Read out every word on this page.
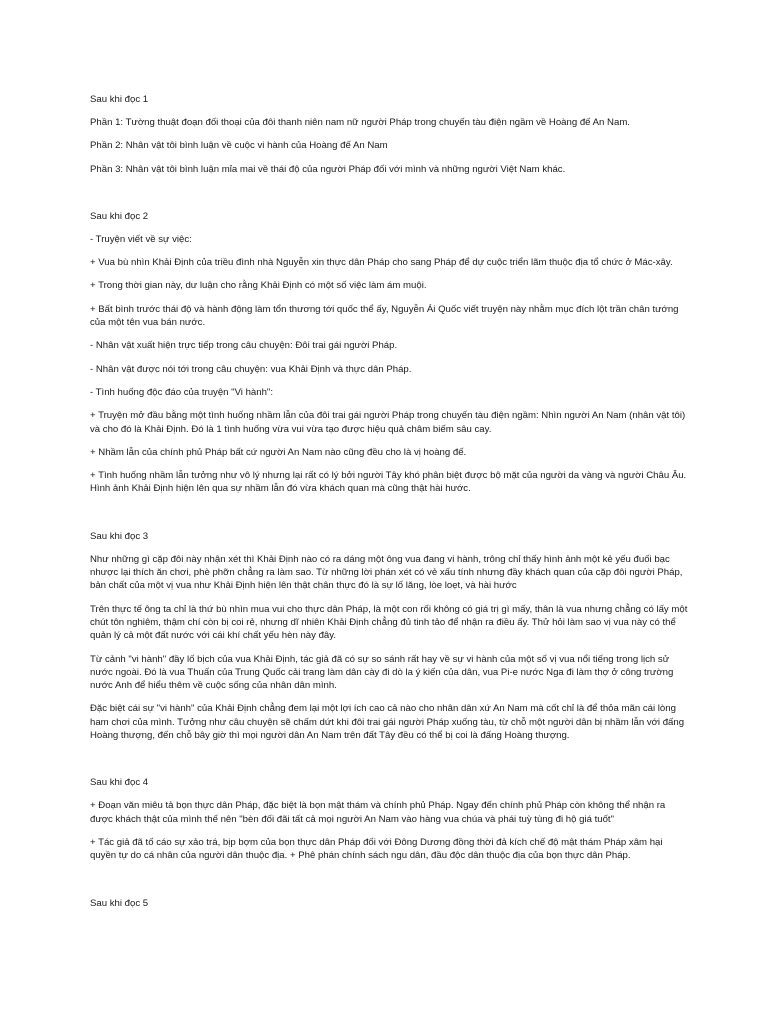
Sau khi đọc 1

Phần 1: Tường thuật đoạn đối thoại của đôi thanh niên nam nữ người Pháp trong chuyến tàu điện ngầm về Hoàng đế An Nam.

Phần 2: Nhân vật tôi bình luận về cuộc vi hành của Hoàng đế An Nam

Phần 3: Nhân vật tôi bình luận mỉa mai về thái độ của người Pháp đối với mình và những người Việt Nam khác.

Sau khi đọc 2

- Truyện viết về sự việc:

+ Vua bù nhìn Khải Định của triều đình nhà Nguyễn xin thực dân Pháp cho sang Pháp để dự cuộc triển lãm thuộc địa tổ chức ở Mác-xây.

+ Trong thời gian này, dư luận cho rằng Khải Định có một số việc làm ám muội.

+ Bất bình trước thái độ và hành động làm tổn thương tới quốc thể ấy, Nguyễn Ái Quốc viết truyện này nhằm mục đích lột trần chân tướng của một tên vua bán nước.

- Nhân vật xuất hiện trực tiếp trong câu chuyện: Đôi trai gái người Pháp.

- Nhân vật được nói tới trong câu chuyện: vua Khải Định và thực dân Pháp.

- Tình huống độc đáo của truyện "Vi hành":

+ Truyện mở đầu bằng một tình huống nhầm lẫn của đôi trai gái người Pháp trong chuyến tàu điện ngầm: Nhìn người An Nam (nhân vật tôi) và cho đó là Khải Định. Đó là 1 tình huống vừa vui vừa tạo được hiệu quả châm biếm sâu cay.

+ Nhầm lẫn của chính phủ Pháp bất cứ người An Nam nào cũng đều cho là vị hoàng đế.

+ Tình huống nhầm lẫn tưởng như vô lý nhưng lại rất có lý bởi người Tây khó phân biệt được bộ mặt của người da vàng và người Châu Âu. Hình ảnh Khải Định hiện lên qua sự nhầm lẫn đó vừa khách quan mà cũng thật hài hước.

Sau khi đọc 3

Như những gì cặp đôi này nhận xét thì Khải Định nào có ra dáng một ông vua đang vi hành, trông chỉ thấy hình ảnh một kẻ yếu đuối bạc nhược lại thích ăn chơi, phè phỡn chẳng ra làm sao. Từ những lời phán xét có vẻ xấu tính nhưng đầy khách quan của cặp đôi người Pháp, bản chất của một vị vua như Khải Định hiện lên thật chân thực đó là sự lố lăng, lòe loẹt, và hài hước

Trên thực tế ông ta chỉ là thứ bù nhìn mua vui cho thực dân Pháp, là một con rối không có giá trị gì mấy, thân là vua nhưng chẳng có lấy một chút tôn nghiêm, thậm chí còn bị coi rẻ, nhưng dĩ nhiên Khải Định chẳng đủ tinh tảo để nhận ra điều ấy. Thử hỏi làm sao vị vua này có thể quản lý cả một đất nước với cái khí chất yếu hèn này đây.

Từ cảnh "vi hành" đầy lố bịch của vua Khải Định, tác giả đã có sự so sánh rất hay về sự vi hành của một số vị vua nổi tiếng trong lịch sử nước ngoài. Đó là vua Thuấn của Trung Quốc cải trang làm dân cày đi dò la ý kiến của dân, vua Pi-e nước Nga đi làm thợ ở công trường nước Anh để hiểu thêm về cuộc sống của nhân dân mình.

Đặc biệt cái sự "vi hành" của Khải Định chẳng đem lại một lợi ích cao cả nào cho nhân dân xứ An Nam mà cốt chỉ là để thỏa mãn cái lòng ham chơi của mình. Tưởng như câu chuyện sẽ chấm dứt khi đôi trai gái người Pháp xuống tàu, từ chỗ một người dân bị nhầm lẫn với đấng Hoàng thượng, đến chỗ bây giờ thì mọi người dân An Nam trên đất Tây đều có thể bị coi là đấng Hoàng thượng.

Sau khi đọc 4

+ Đoạn văn miêu tả bọn thực dân Pháp, đặc biệt là bọn mật thám và chính phủ Pháp. Ngay đến chính phủ Pháp còn không thể nhận ra được khách thật của mình thế nên "bèn đối đãi tất cả mọi người An Nam vào hàng vua chúa và phái tuỳ tùng đi hộ giá tuốt"

+ Tác giả đã tố cáo sự xảo trá, bịp bợm của bọn thực dân Pháp đối với Đông Dương đồng thời đả kích chế độ mật thám Pháp xâm hại quyền tự do cá nhân của người dân thuộc địa. + Phê phán chính sách ngu dân, đầu độc dân thuộc địa của bọn thực dân Pháp.

Sau khi đọc 5
